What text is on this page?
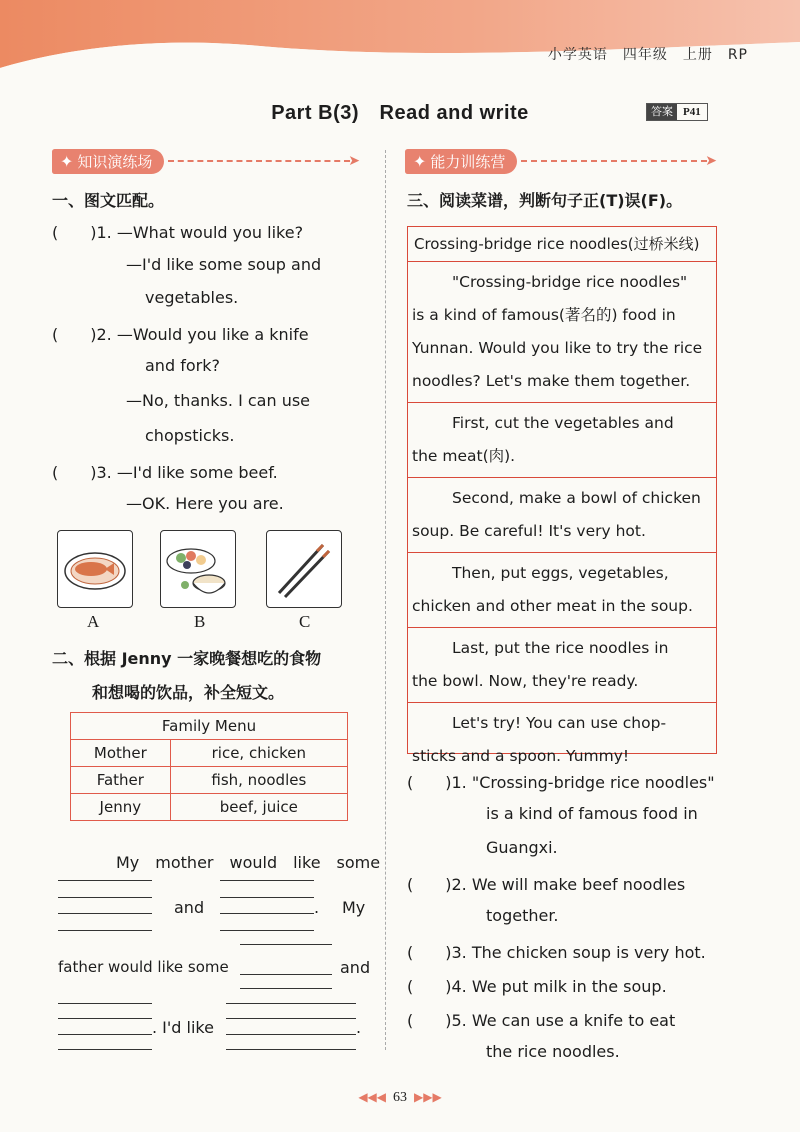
小学英语　四年级　上册　RP
Part B(3)　Read and write	答案 P41
✦ 知识演练场	➤
一、图文匹配。
(　　)1. —What would you like?
—I'd like some soup and
vegetables.
(　　)2. —Would you like a knife
and fork?
—No, thanks. I can use
chopsticks.
(　　)3. —I'd like some beef.
—OK. Here you are.
A	B	C
二、根据 Jenny 一家晚餐想吃的食物
和想喝的饮品，补全短文。
Family Menu	
Mother	rice, chicken
Father	fish, noodles
Jenny	beef, juice
My　mother　would　like　some
and	. My
father would like some	and
. I'd like	.
✦ 能力训练营	➤
三、阅读菜谱，判断句子正(T)误(F)。
Crossing-bridge rice noodles(过桥米线)
"Crossing-bridge rice noodles"
is a kind of famous(著名的) food in
Yunnan. Would you like to try the rice
noodles? Let's make them together.
First, cut the vegetables and
the meat(肉).
Second, make a bowl of chicken
soup. Be careful! It's very hot.
Then, put eggs, vegetables,
chicken and other meat in the soup.
Last, put the rice noodles in
the bowl. Now, they're ready.
Let's try! You can use chop-
sticks and a spoon. Yummy!
(　　)1. "Crossing-bridge rice noodles"
is a kind of famous food in
Guangxi.
(　　)2. We will make beef noodles
together.
(　　)3. The chicken soup is very hot.
(　　)4. We put milk in the soup.
(　　)5. We can use a knife to eat
the rice noodles.
◀◀◀ 63 ▶▶▶
